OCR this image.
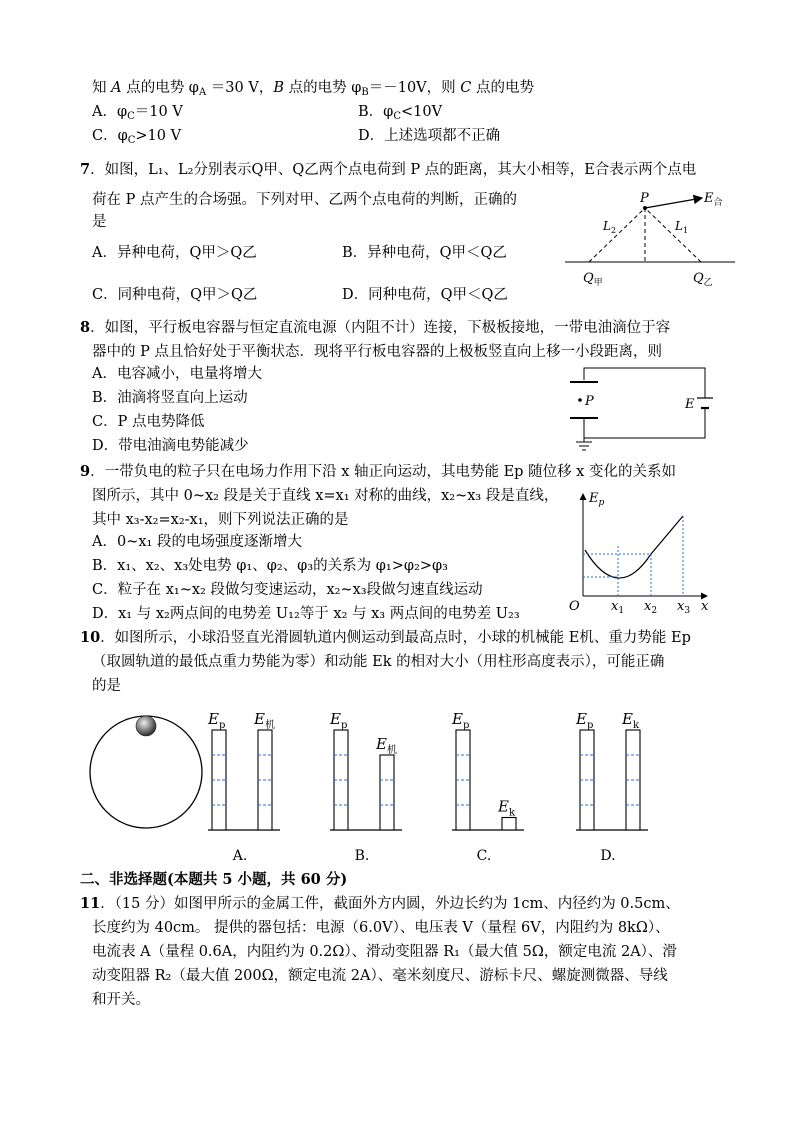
知 A 点的电势 $\varphi_A =30$ V，B 点的电势 $\varphi_B=-10V$，则 C 点的电势
A．$\varphi_C=10$ V	B．$\varphi_C<10V$
C．$\varphi_C>10$ V	D．上述选项都不正确
7．如图，L₁、L₂分别表示Q甲、Q乙两个点电荷到 P 点的距离，其大小相等，E合表示两个点电
荷在 P 点产生的合场强。下列对甲、乙两个点电荷的判断，正确的
是
A．异种电荷，Q甲＞Q乙	B．异种电荷，Q甲＜Q乙
C．同种电荷，Q甲＞Q乙	D．同种电荷，Q甲＜Q乙
P	$E_合$
$L_2$	$L_1$
$Q_甲$	$Q_乙$
8．如图，平行板电容器与恒定直流电源（内阻不计）连接，下极板接地，一带电油滴位于容
器中的 P 点且恰好处于平衡状态．现将平行板电容器的上极板竖直向上移一小段距离，则
A．电容减小，电量将增大
B．油滴将竖直向上运动
C．P 点电势降低
D．带电油滴电势能减少
P	E
9．一带负电的粒子只在电场力作用下沿 x 轴正向运动，其电势能 Ep 随位移 x 变化的关系如
图所示，其中 0~x₂ 段是关于直线 x=x₁ 对称的曲线，x₂~x₃ 段是直线，
其中 x₃-x₂=x₂-x₁，则下列说法正确的是
A．0~x₁ 段的电场强度逐渐增大
B．x₁、x₂、x₃处电势 φ₁、φ₂、φ₃的关系为 φ₁>φ₂>φ₃
C．粒子在 x₁~x₂ 段做匀变速运动，x₂~x₃段做匀速直线运动
D．x₁ 与 x₂两点间的电势差 U₁₂等于 x₂ 与 x₃ 两点间的电势差 U₂₃
$E_p$
O $x_1$ $x_2$ $x_3$ x
10．如图所示，小球沿竖直光滑圆轨道内侧运动到最高点时，小球的机械能 E机、重力势能 Ep
（取圆轨道的最低点重力势能为零）和动能 Ek 的相对大小（用柱形高度表示），可能正确
的是
$E_p$ $E_机$
A.
$E_p$
$E_机$
B.
$E_p$
$E_k$
C.
$E_p$ $E_k$
D.
二、非选择题(本题共 5 小题，共 60 分)
11．（15 分）如图甲所示的金属工件，截面外方内圆，外边长约为 1cm、内径约为 0.5cm、
长度约为 40cm。 提供的器包括：电源（6.0V）、电压表 V（量程 6V，内阻约为 8kΩ）、
电流表 A（量程 0.6A，内阻约为 0.2Ω）、滑动变阻器 R₁（最大值 5Ω，额定电流 2A）、滑
动变阻器 R₂（最大值 200Ω，额定电流 2A）、毫米刻度尺、游标卡尺、螺旋测微器、导线
和开关。
